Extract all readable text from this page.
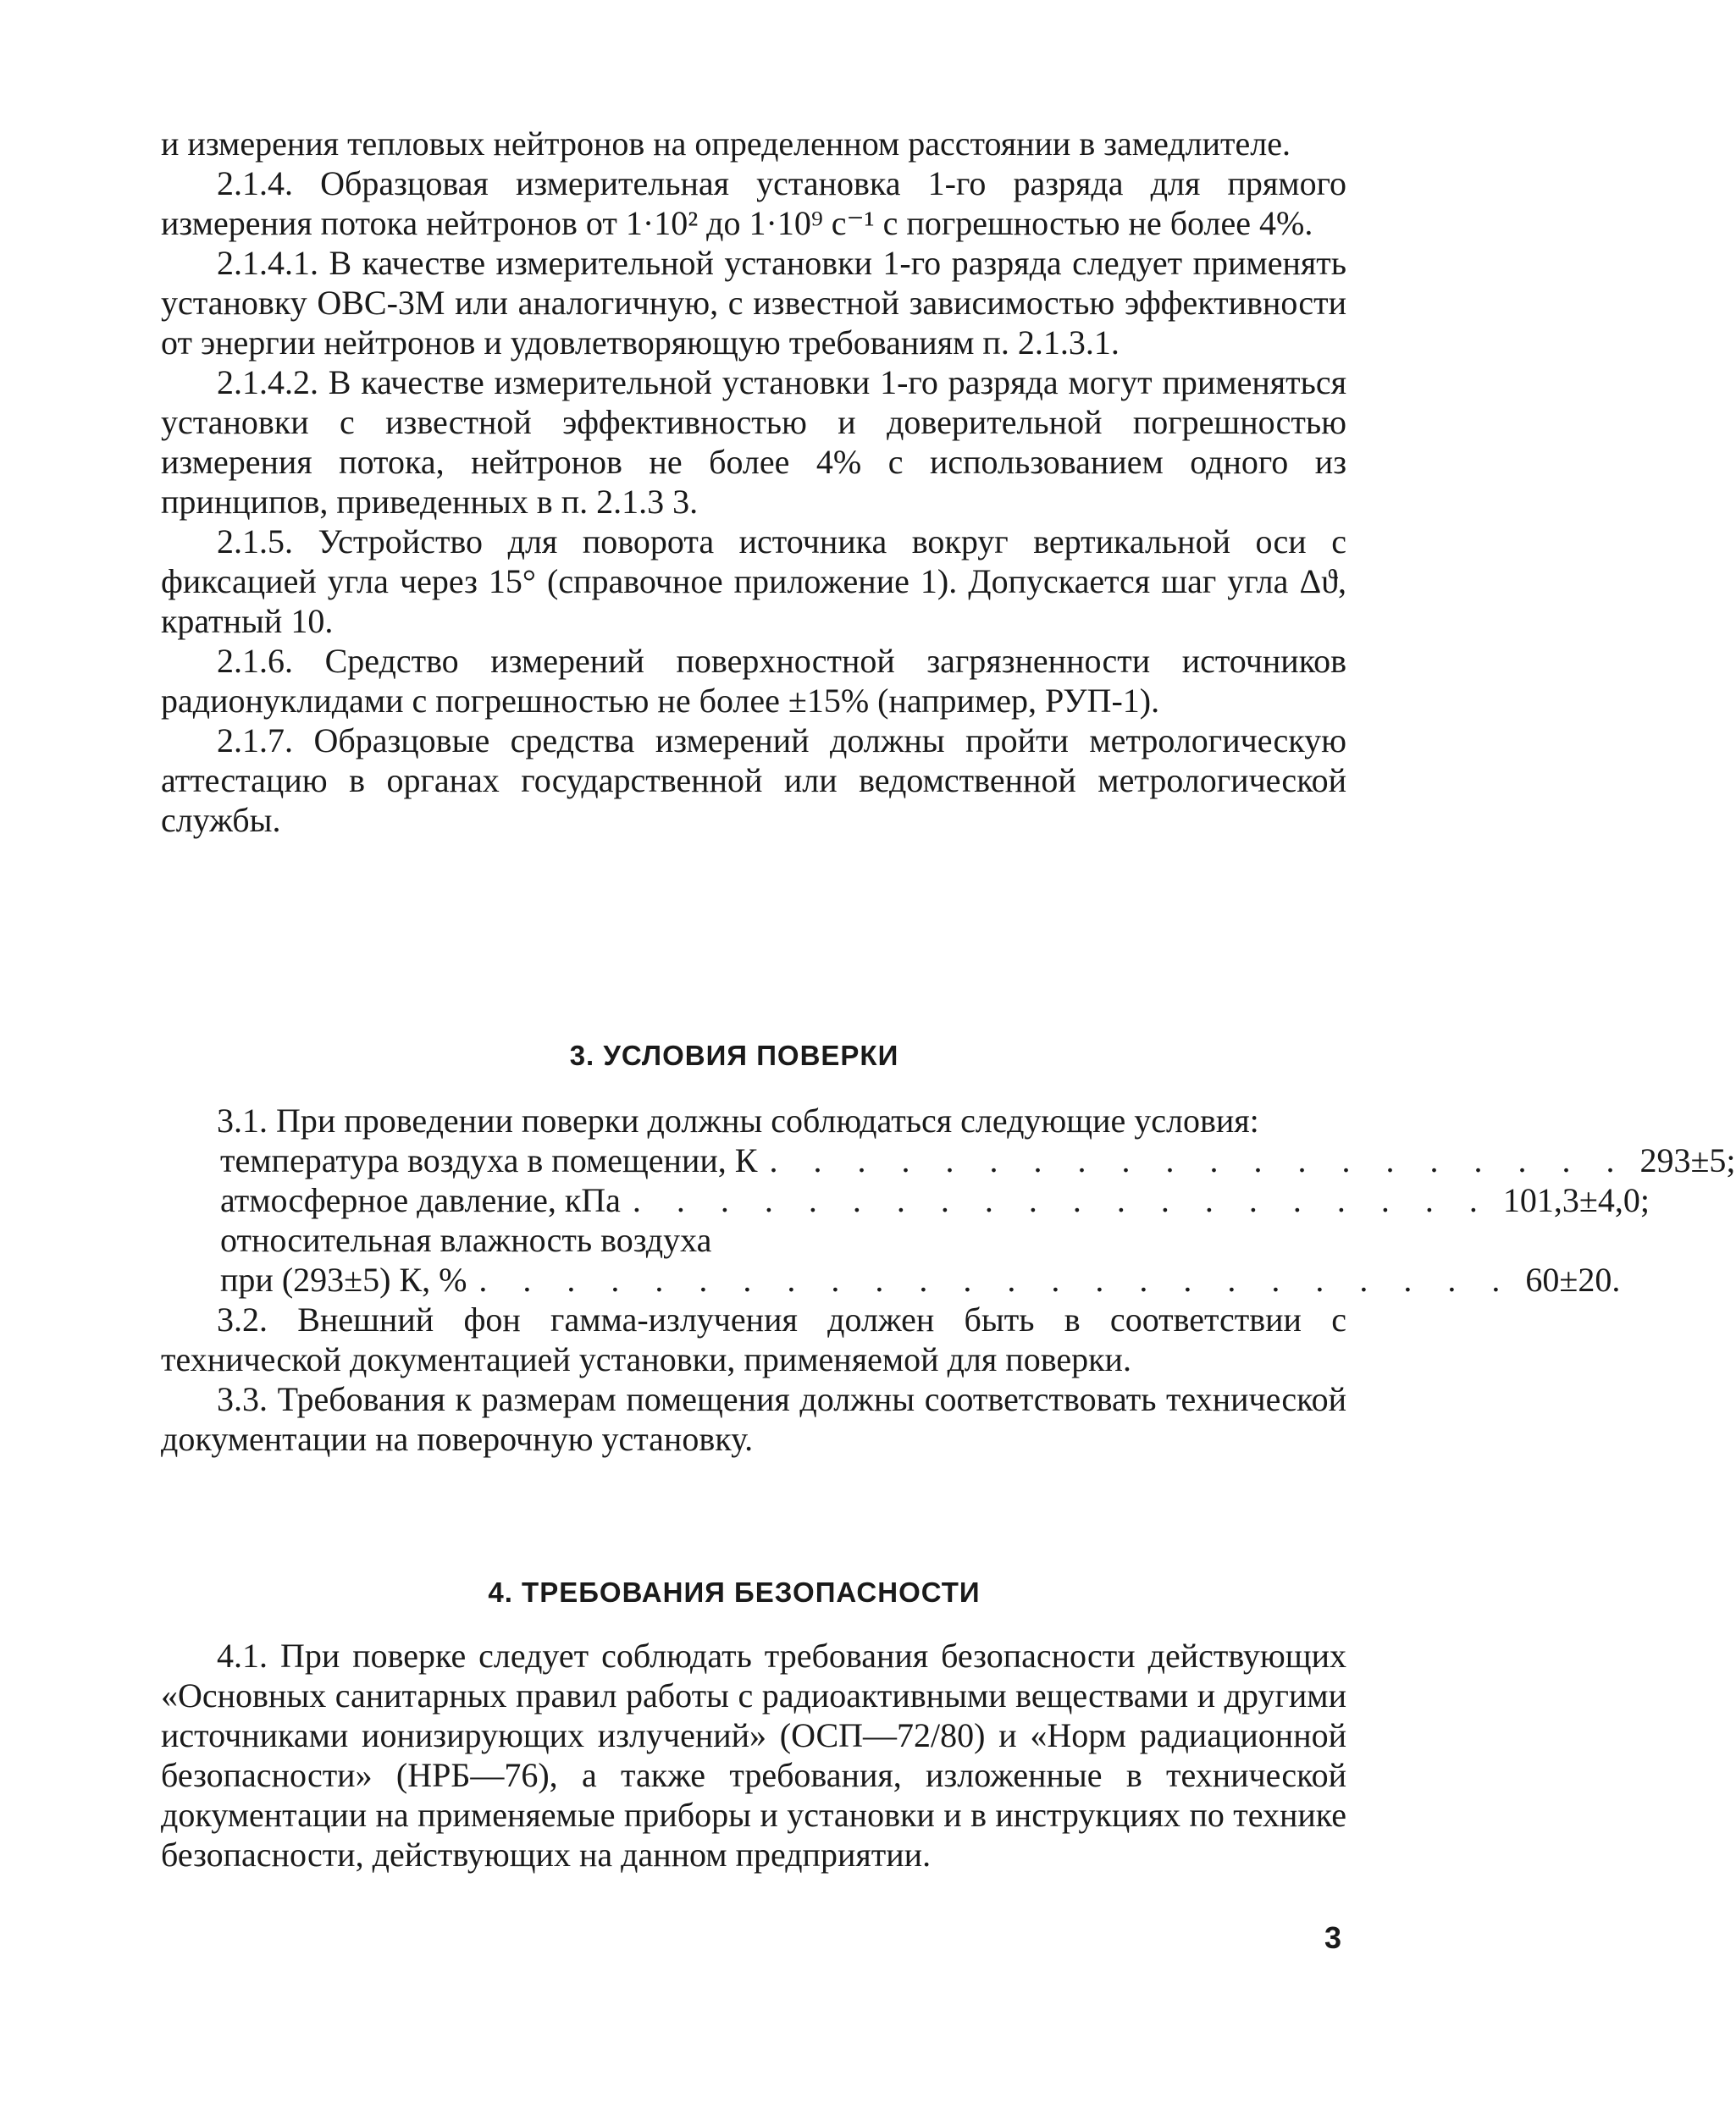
и измерения тепловых нейтронов на определенном расстоянии в замедлителе.

2.1.4. Образцовая измерительная установка 1-го разряда для прямого измерения потока нейтронов от 1·10² до 1·10⁹ с⁻¹ с погрешностью не более 4%.

2.1.4.1. В качестве измерительной установки 1-го разряда следует применять установку ОВС-3М или аналогичную, с известной зависимостью эффективности от энергии нейтронов и удовлетворяющую требованиям п. 2.1.3.1.

2.1.4.2. В качестве измерительной установки 1-го разряда могут применяться установки с известной эффективностью и доверительной погрешностью измерения потока, нейтронов не более 4% с использованием одного из принципов, приведенных в п. 2.1.3 3.

2.1.5. Устройство для поворота источника вокруг вертикальной оси с фиксацией угла через 15° (справочное приложение 1). Допускается шаг угла Δϑ, кратный 10.

2.1.6. Средство измерений поверхностной загрязненности источников радионуклидами с погрешностью не более ±15% (например, РУП-1).

2.1.7. Образцовые средства измерений должны пройти метрологическую аттестацию в органах государственной или ведомственной метрологической службы.

3. УСЛОВИЯ ПОВЕРКИ

3.1. При проведении поверки должны соблюдаться следующие условия:

температура воздуха в помещении, К . . . . . . . . . . . . . . . . . . . . 293±5;
атмосферное давление, кПа . . . . . . . . . . . . . . . . . . . . 101,3±4,0;
относительная влажность воздуха
при (293±5) К, % . . . . . . . . . . . . . . . . . . . . . . . . 60±20.

3.2. Внешний фон гамма-излучения должен быть в соответствии с технической документацией установки, применяемой для поверки.

3.3. Требования к размерам помещения должны соответствовать технической документации на поверочную установку.

4. ТРЕБОВАНИЯ БЕЗОПАСНОСТИ

4.1. При поверке следует соблюдать требования безопасности действующих «Основных санитарных правил работы с радиоактивными веществами и другими источниками ионизирующих излучений» (ОСП—72/80) и «Норм радиационной безопасности» (НРБ—76), а также требования, изложенные в технической документации на применяемые приборы и установки и в инструкциях по технике безопасности, действующих на данном предприятии.

3
